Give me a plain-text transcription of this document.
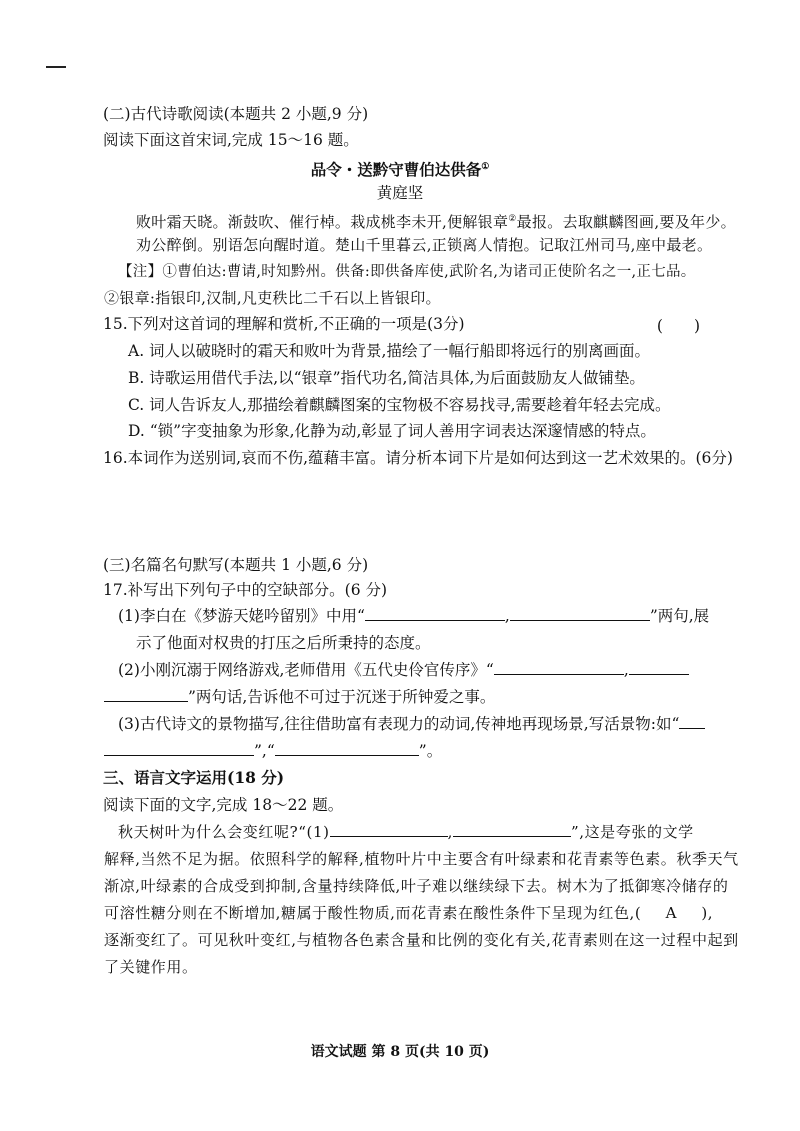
(二)古代诗歌阅读(本题共 2 小题,9 分)
阅读下面这首宋词,完成 15～16 题。
品令・送黔守曹伯达供备①
黄庭坚
败叶霜天晓。渐鼓吹、催行棹。栽成桃李未开,便解银章②最报。去取麒麟图画,要及年少。
劝公醉倒。别语怎向醒时道。楚山千里暮云,正锁离人情抱。记取江州司马,座中最老。
【注】①曹伯达:曹请,时知黔州。供备:即供备库使,武阶名,为诸司正使阶名之一,正七品。
②银章:指银印,汉制,凡吏秩比二千石以上皆银印。
15.下列对这首词的理解和赏析,不正确的一项是(3分)	(　　)
A. 词人以破晓时的霜天和败叶为背景,描绘了一幅行船即将远行的别离画面。
B. 诗歌运用借代手法,以“银章”指代功名,简洁具体,为后面鼓励友人做铺垫。
C. 词人告诉友人,那描绘着麒麟图案的宝物极不容易找寻,需要趁着年轻去完成。
D. “锁”字变抽象为形象,化静为动,彰显了词人善用字词表达深邃情感的特点。
16.本词作为送别词,哀而不伤,蕴藉丰富。请分析本词下片是如何达到这一艺术效果的。(6分)
(三)名篇名句默写(本题共 1 小题,6 分)
17.补写出下列句子中的空缺部分。(6 分)
(1)李白在《梦游天姥吟留别》中用“	,	”两句,展
示了他面对权贵的打压之后所秉持的态度。
(2)小刚沉溺于网络游戏,老师借用《五代史伶官传序》“	,
”两句话,告诉他不可过于沉迷于所钟爱之事。
(3)古代诗文的景物描写,往往借助富有表现力的动词,传神地再现场景,写活景物:如“
”,“	”。
三、语言文字运用(18 分)
阅读下面的文字,完成 18～22 题。
秋天树叶为什么会变红呢?“(1)	,	”,这是夸张的文学
解释,当然不足为据。依照科学的解释,植物叶片中主要含有叶绿素和花青素等色素。秋季天气
渐凉,叶绿素的合成受到抑制,含量持续降低,叶子难以继续绿下去。树木为了抵御寒冷储存的
可溶性糖分则在不断增加,糖属于酸性物质,而花青素在酸性条件下呈现为红色,( A ),
逐渐变红了。可见秋叶变红,与植物各色素含量和比例的变化有关,花青素则在这一过程中起到
了关键作用。
语文试题 第 8 页(共 10 页)
